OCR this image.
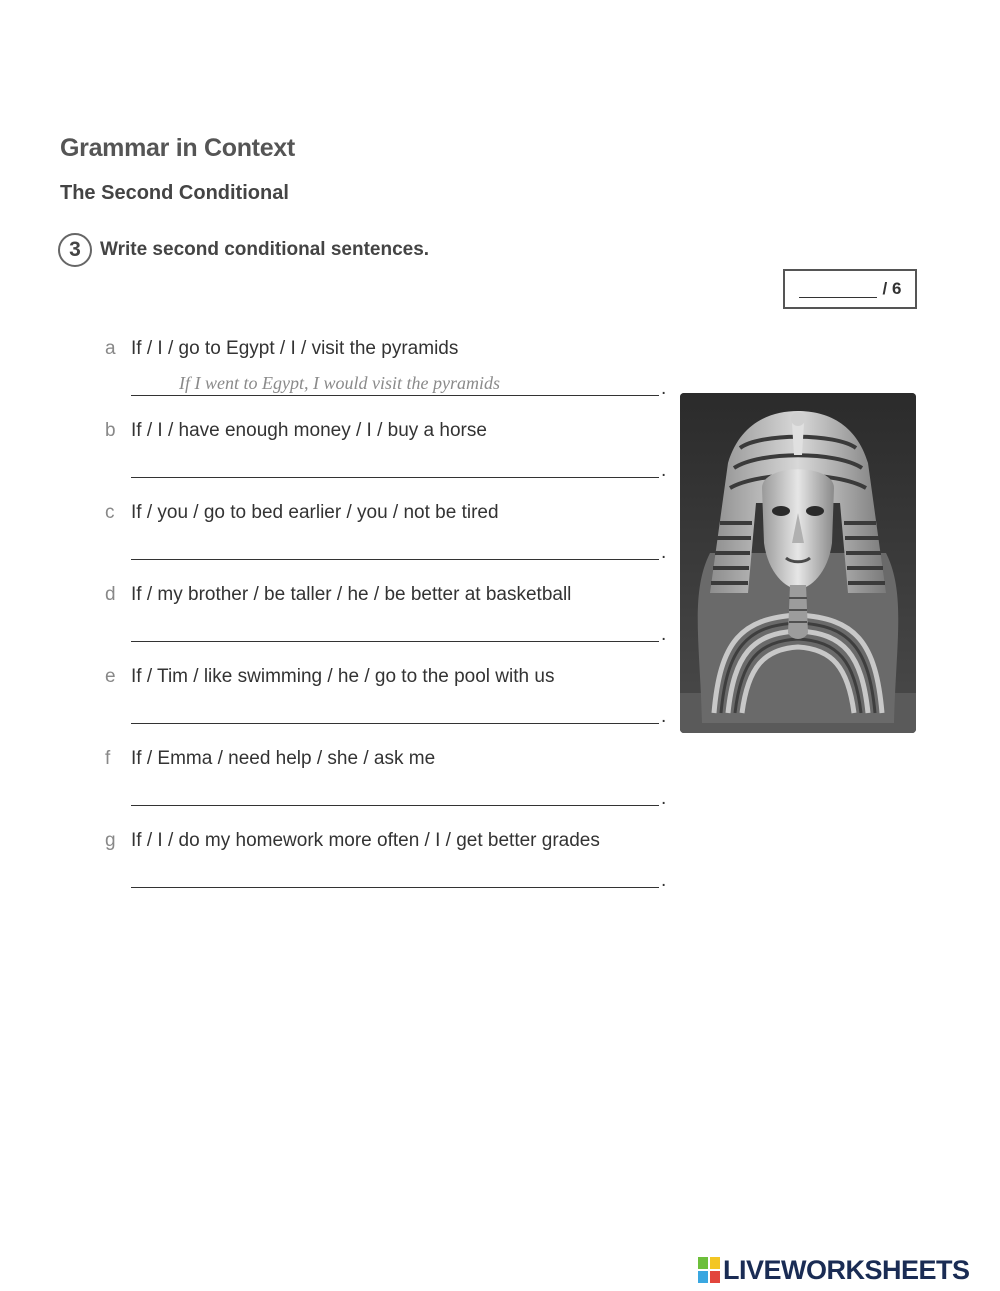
Grammar in Context
The Second Conditional
3	Write second conditional sentences.
/ 6
a If / I / go to Egypt / I / visit the pyramids
If I went to Egypt, I would visit the pyramids	.
b If / I / have enough money / I / buy a horse
.
c If / you / go to bed earlier / you / not be tired
.
d If / my brother / be taller / he / be better at basketball
.
e If / Tim / like swimming / he / go to the pool with us
.
f	If / Emma / need help / she / ask me
.
g If / I / do my homework more often / I / get better grades
.
LIVEWORKSHEETS
